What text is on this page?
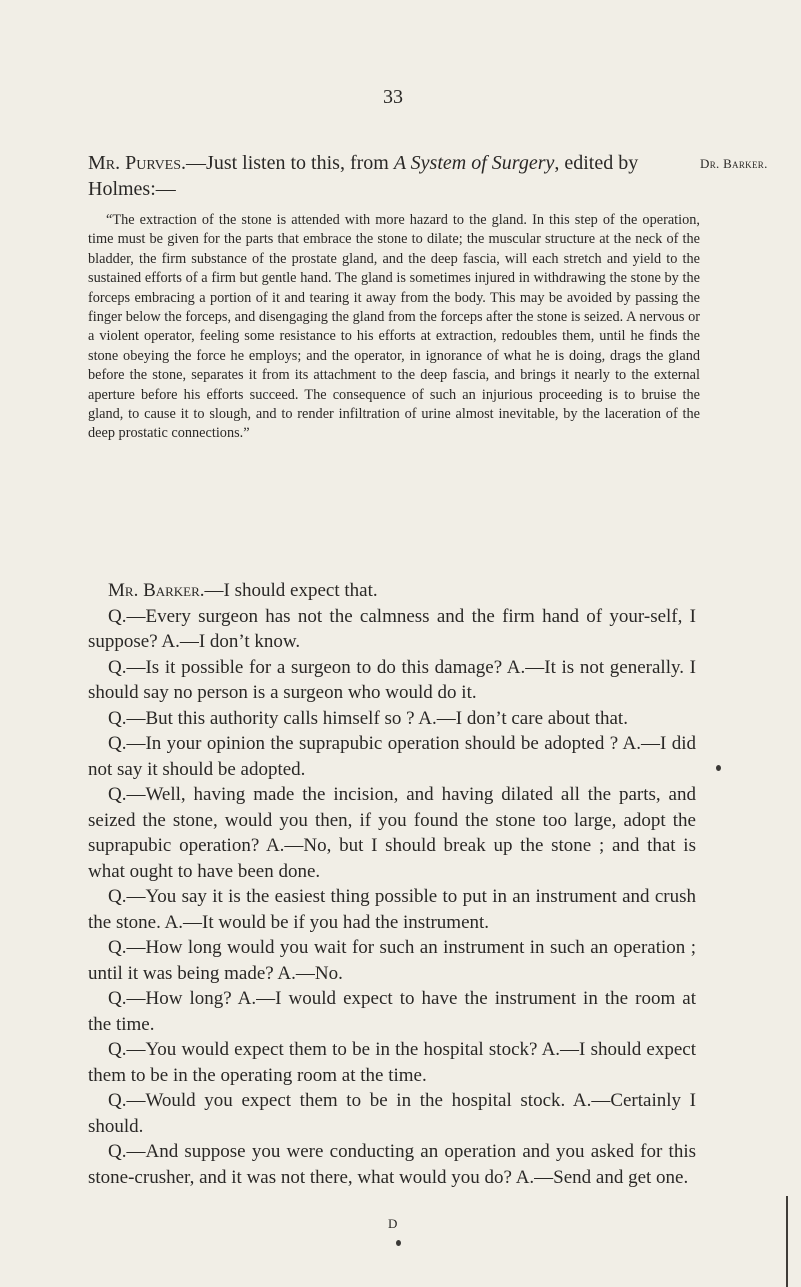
33
Dr. Barker.

Mr. Purves.—Just listen to this, from A System of Surgery, edited by

Holmes:—

“The extraction of the stone is attended with more hazard to the gland. In this step of the operation, time must be given for the parts that embrace the stone to dilate; the muscular structure at the neck of the bladder, the firm substance of the prostate gland, and the deep fascia, will each stretch and yield to the sustained efforts of a firm but gentle hand. The gland is sometimes injured in withdrawing the stone by the forceps embracing a portion of it and tearing it away from the body. This may be avoided by passing the finger below the forceps, and disengaging the gland from the forceps after the stone is seized. A nervous or a violent operator, feeling some resistance to his efforts at extraction, redoubles them, until he finds the stone obeying the force he employs; and the operator, in ignorance of what he is doing, drags the gland before the stone, separates it from its attachment to the deep fascia, and brings it nearly to the external aperture before his efforts succeed. The consequence of such an injurious proceeding is to bruise the gland, to cause it to slough, and to render infiltration of urine almost inevitable, by the laceration of the deep prostatic connections.”

Mr. Barker.—I should expect that.

Q.—Every surgeon has not the calmness and the firm hand of your-self, I suppose? A.—I don’t know.

Q.—Is it possible for a surgeon to do this damage? A.—It is not generally. I should say no person is a surgeon who would do it.

Q.—But this authority calls himself so ? A.—I don’t care about that.

Q.—In your opinion the suprapubic operation should be adopted ? A.—I did not say it should be adopted.

Q.—Well, having made the incision, and having dilated all the parts, and seized the stone, would you then, if you found the stone too large, adopt the suprapubic operation? A.—No, but I should break up the stone ; and that is what ought to have been done.

Q.—You say it is the easiest thing possible to put in an instrument and crush the stone. A.—It would be if you had the instrument.

Q.—How long would you wait for such an instrument in such an operation ; until it was being made? A.—No.

Q.—How long? A.—I would expect to have the instrument in the room at the time.

Q.—You would expect them to be in the hospital stock? A.—I should expect them to be in the operating room at the time.

Q.—Would you expect them to be in the hospital stock. A.—Certainly I should.

Q.—And suppose you were conducting an operation and you asked for this stone-crusher, and it was not there, what would you do? A.—Send and get one.

D
